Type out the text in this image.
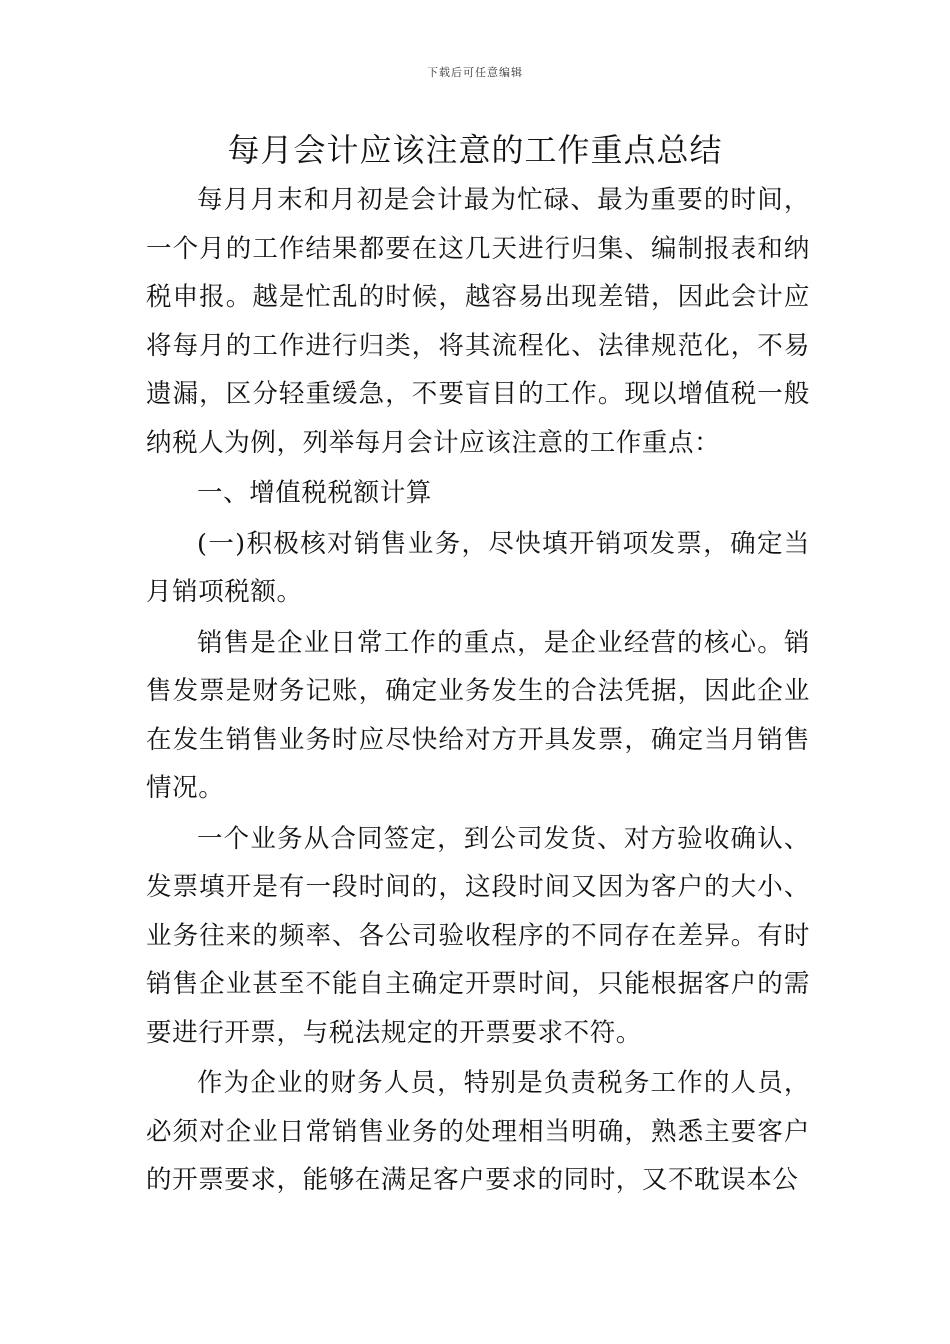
下载后可任意编辑
每月会计应该注意的工作重点总结

每月月末和月初是会计最为忙碌、最为重要的时间，一个月的工作结果都要在这几天进行归集、编制报表和纳税申报。越是忙乱的时候，越容易出现差错，因此会计应将每月的工作进行归类，将其流程化、法律规范化，不易遗漏，区分轻重缓急，不要盲目的工作。现以增值税一般纳税人为例，列举每月会计应该注意的工作重点：

一、增值税税额计算

(一)积极核对销售业务，尽快填开销项发票，确定当月销项税额。

销售是企业日常工作的重点，是企业经营的核心。销售发票是财务记账，确定业务发生的合法凭据，因此企业在发生销售业务时应尽快给对方开具发票，确定当月销售情况。

一个业务从合同签定，到公司发货、对方验收确认、发票填开是有一段时间的，这段时间又因为客户的大小、业务往来的频率、各公司验收程序的不同存在差异。有时销售企业甚至不能自主确定开票时间，只能根据客户的需要进行开票，与税法规定的开票要求不符。

作为企业的财务人员，特别是负责税务工作的人员，必须对企业日常销售业务的处理相当明确，熟悉主要客户的开票要求，能够在满足客户要求的同时，又不耽误本公
